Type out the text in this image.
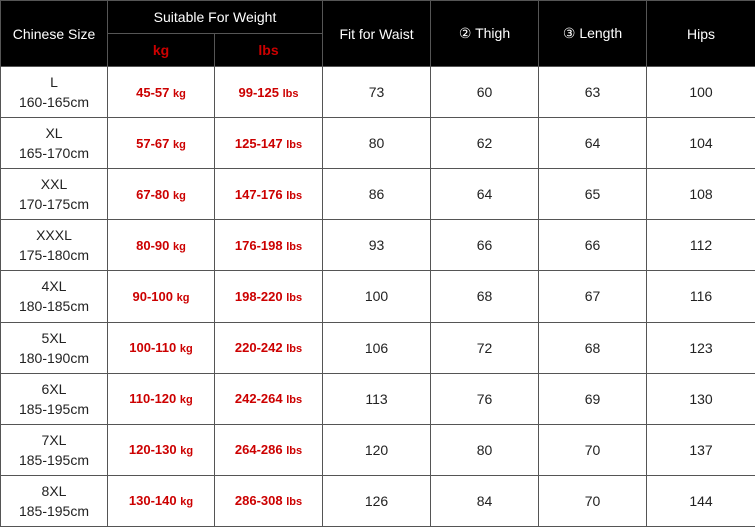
Chinese Size	Suitable For Weight		Fit for Waist	② Thigh	③ Length	Hips
	kg	lbs				

L
160-165cm	45-57 kg	99-125 lbs	73	60	63	100

XL
165-170cm	57-67 kg	125-147 lbs	80	62	64	104

XXL
170-175cm	67-80 kg	147-176 lbs	86	64	65	108

XXXL
175-180cm	80-90 kg	176-198 lbs	93	66	66	112

4XL
180-185cm	90-100 kg	198-220 lbs	100	68	67	116

5XL
180-190cm	100-110 kg	220-242 lbs	106	72	68	123

6XL
185-195cm	110-120 kg	242-264 lbs	113	76	69	130

7XL
185-195cm	120-130 kg	264-286 lbs	120	80	70	137

8XL
185-195cm	130-140 kg	286-308 lbs	126	84	70	144
